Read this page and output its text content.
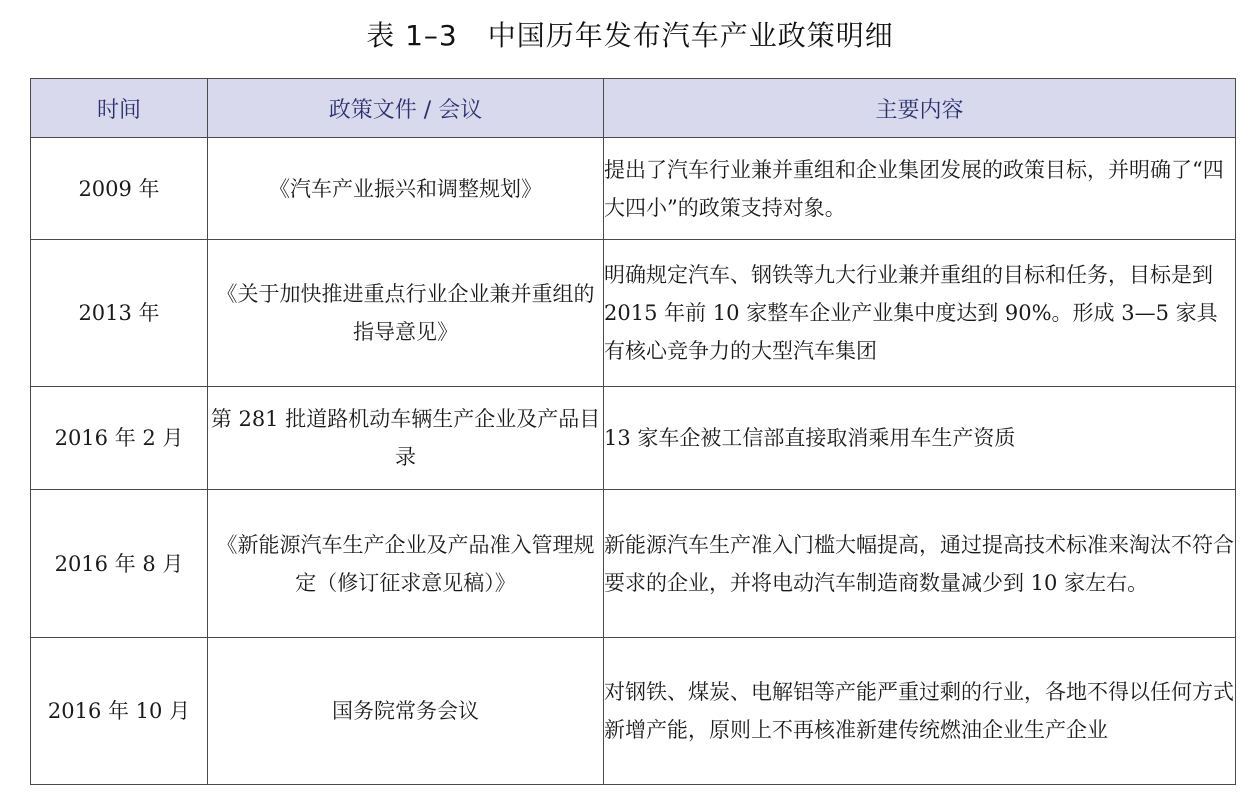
表 1–3 中国历年发布汽车产业政策明细
时间	政策文件 / 会议	主要内容
2009 年	《汽车产业振兴和调整规划》	提出了汽车行业兼并重组和企业集团发展的政策目标，并明确了“四大四小”的政策支持对象。
2013 年	《关于加快推进重点行业企业兼并重组的指导意见》	明确规定汽车、钢铁等九大行业兼并重组的目标和任务，目标是到 2015 年前 10 家整车企业产业集中度达到 90%。形成 3—5 家具有核心竞争力的大型汽车集团
2016 年 2 月	第 281 批道路机动车辆生产企业及产品目录	13 家车企被工信部直接取消乘用车生产资质
2016 年 8 月	《新能源汽车生产企业及产品准入管理规定（修订征求意见稿）》	新能源汽车生产准入门槛大幅提高，通过提高技术标准来淘汰不符合要求的企业，并将电动汽车制造商数量减少到 10 家左右。
2016 年 10 月	国务院常务会议	对钢铁、煤炭、电解铝等产能严重过剩的行业，各地不得以任何方式新增产能，原则上不再核准新建传统燃油企业生产企业
